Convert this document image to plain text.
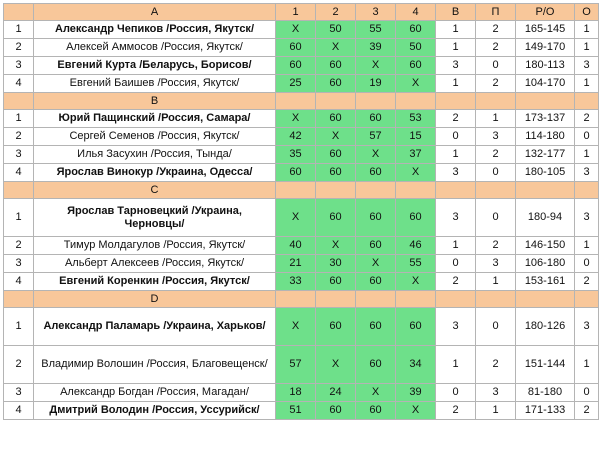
	A	1	2	3	4	В	П	Р/О	О
1	Александр Чепиков /Россия, Якутск/	X	50	55	60	1	2	165-145	1
2	Алексей Аммосов /Россия, Якутск/	60	X	39	50	1	2	149-170	1
3	Евгений Курта /Беларусь, Борисов/	60	60	X	60	3	0	180-113	3
4	Евгений Баишев /Россия, Якутск/	25	60	19	X	1	2	104-170	1
	B								
1	Юрий Пащинский /Россия, Самара/	X	60	60	53	2	1	173-137	2
2	Сергей Семенов /Россия, Якутск/	42	X	57	15	0	3	114-180	0
3	Илья Засухин /Россия, Тында/	35	60	X	37	1	2	132-177	1
4	Ярослав Винокур /Украина, Одесса/	60	60	60	X	3	0	180-105	3
	C								
1	Ярослав Тарновецкий /Украина, Черновцы/	X	60	60	60	3	0	180-94	3
2	Тимур Молдагулов /Россия, Якутск/	40	X	60	46	1	2	146-150	1
3	Альберт Алексеев /Россия, Якутск/	21	30	X	55	0	3	106-180	0
4	Евгений Коренкин /Россия, Якутск/	33	60	60	X	2	1	153-161	2
	D								
1	Александр Паламарь /Украина, Харьков/	X	60	60	60	3	0	180-126	3
2	Владимир Волошин /Россия, Благовещенск/	57	X	60	34	1	2	151-144	1
3	Александр Богдан /Россия, Магадан/	18	24	X	39	0	3	81-180	0
4	Дмитрий Володин /Россия, Уссурийск/	51	60	60	X	2	1	171-133	2
